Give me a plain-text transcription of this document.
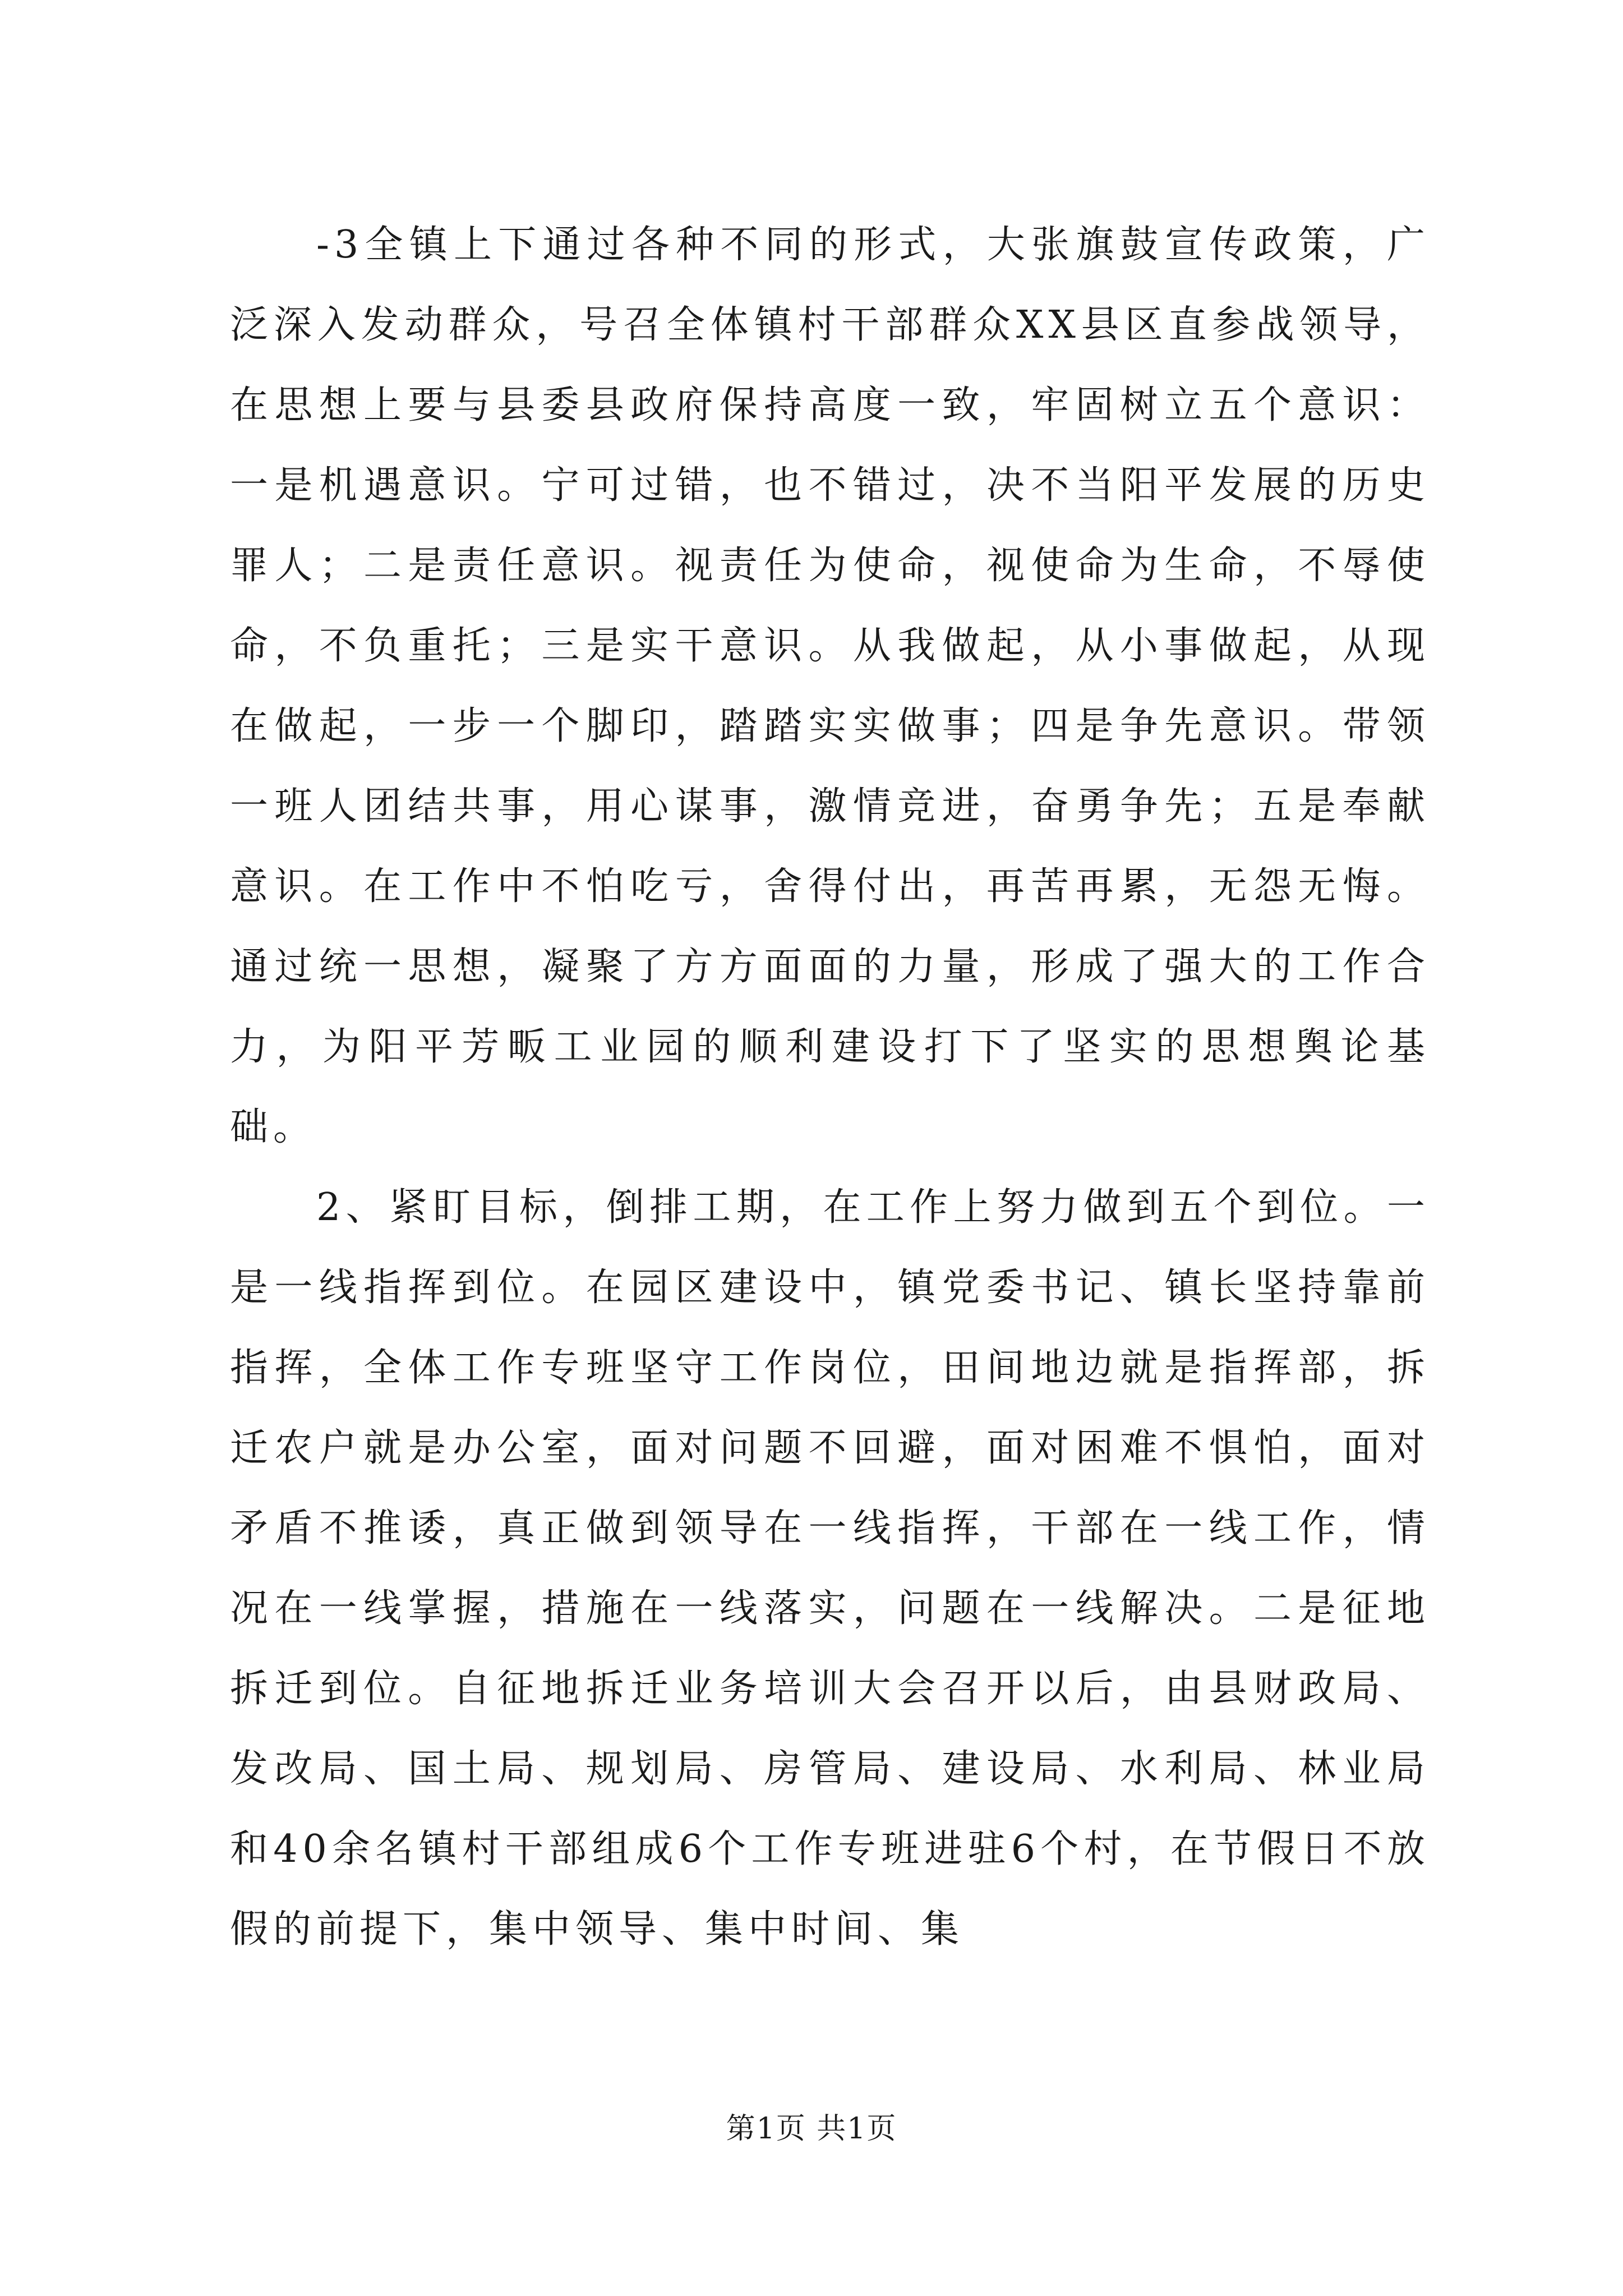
-3全镇上下通过各种不同的形式，大张旗鼓宣传政策，广泛深入发动群众，号召全体镇村干部群众XX县区直参战领导，在思想上要与县委县政府保持高度一致，牢固树立五个意识：一是机遇意识。宁可过错，也不错过，决不当阳平发展的历史罪人；二是责任意识。视责任为使命，视使命为生命，不辱使命，不负重托；三是实干意识。从我做起，从小事做起，从现在做起，一步一个脚印，踏踏实实做事；四是争先意识。带领一班人团结共事，用心谋事，激情竞进，奋勇争先；五是奉献意识。在工作中不怕吃亏，舍得付出，再苦再累，无怨无悔。通过统一思想，凝聚了方方面面的力量，形成了强大的工作合力，为阳平芳畈工业园的顺利建设打下了坚实的思想舆论基础。

2、紧盯目标，倒排工期，在工作上努力做到五个到位。一是一线指挥到位。在园区建设中，镇党委书记、镇长坚持靠前指挥，全体工作专班坚守工作岗位，田间地边就是指挥部，拆迁农户就是办公室，面对问题不回避，面对困难不惧怕，面对矛盾不推诿，真正做到领导在一线指挥，干部在一线工作，情况在一线掌握，措施在一线落实，问题在一线解决。二是征地拆迁到位。自征地拆迁业务培训大会召开以后，由县财政局、发改局、国土局、规划局、房管局、建设局、水利局、林业局和40余名镇村干部组成6个工作专班进驻6个村，在节假日不放假的前提下，集中领导、集中时间、集

第1页 共1页
